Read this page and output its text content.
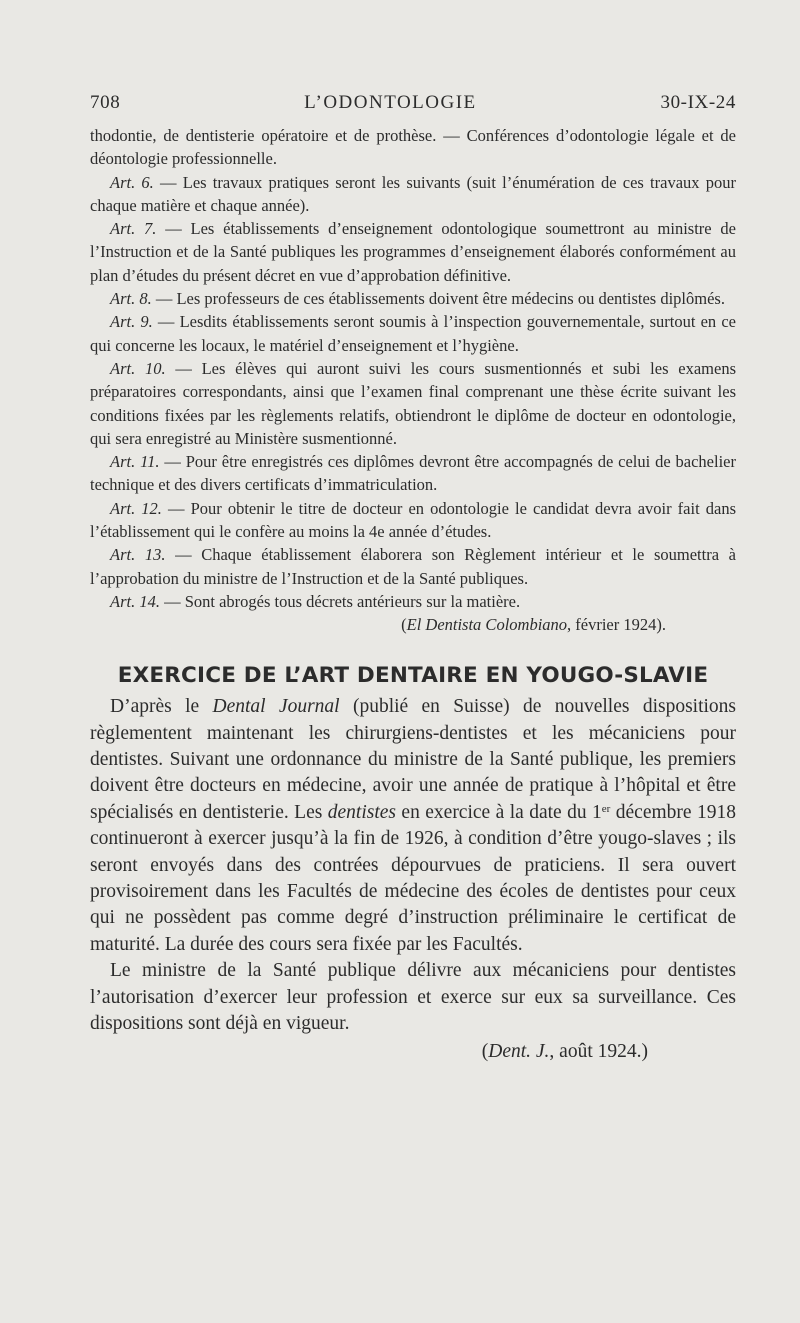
708	L’ODONTOLOGIE	30-IX-24

thodontie, de dentisterie opératoire et de prothèse. — Conférences d’odontologie légale et de déontologie professionnelle.

Art. 6. — Les travaux pratiques seront les suivants (suit l’énumération de ces travaux pour chaque matière et chaque année).

Art. 7. — Les établissements d’enseignement odontologique soumettront au ministre de l’Instruction et de la Santé publiques les programmes d’enseignement élaborés conformément au plan d’études du présent décret en vue d’approbation définitive.

Art. 8. — Les professeurs de ces établissements doivent être médecins ou dentistes diplômés.

Art. 9. — Lesdits établissements seront soumis à l’inspection gouvernementale, surtout en ce qui concerne les locaux, le matériel d’enseignement et l’hygiène.

Art. 10. — Les élèves qui auront suivi les cours susmentionnés et subi les examens préparatoires correspondants, ainsi que l’examen final comprenant une thèse écrite suivant les conditions fixées par les règlements relatifs, obtiendront le diplôme de docteur en odontologie, qui sera enregistré au Ministère susmentionné.

Art. 11. — Pour être enregistrés ces diplômes devront être accompagnés de celui de bachelier technique et des divers certificats d’immatriculation.

Art. 12. — Pour obtenir le titre de docteur en odontologie le candidat devra avoir fait dans l’établissement qui le confère au moins la 4e année d’études.

Art. 13. — Chaque établissement élaborera son Règlement intérieur et le soumettra à l’approbation du ministre de l’Instruction et de la Santé publiques.

Art. 14. — Sont abrogés tous décrets antérieurs sur la matière.

(El Dentista Colombiano, février 1924).
EXERCICE DE L’ART DENTAIRE EN YOUGO-SLAVIE

D’après le Dental Journal (publié en Suisse) de nouvelles dispositions règlementent maintenant les chirurgiens-dentistes et les mécaniciens pour dentistes. Suivant une ordonnance du ministre de la Santé publique, les premiers doivent être docteurs en médecine, avoir une année de pratique à l’hôpital et être spécialisés en dentisterie. Les dentistes en exercice à la date du 1er décembre 1918 continueront à exercer jusqu’à la fin de 1926, à condition d’être yougo-slaves ; ils seront envoyés dans des contrées dépourvues de praticiens. Il sera ouvert provisoirement dans les Facultés de médecine des écoles de dentistes pour ceux qui ne possèdent pas comme degré d’instruction préliminaire le certificat de maturité. La durée des cours sera fixée par les Facultés.

Le ministre de la Santé publique délivre aux mécaniciens pour dentistes l’autorisation d’exercer leur profession et exerce sur eux sa surveillance. Ces dispositions sont déjà en vigueur.

(Dent. J., août 1924.)
